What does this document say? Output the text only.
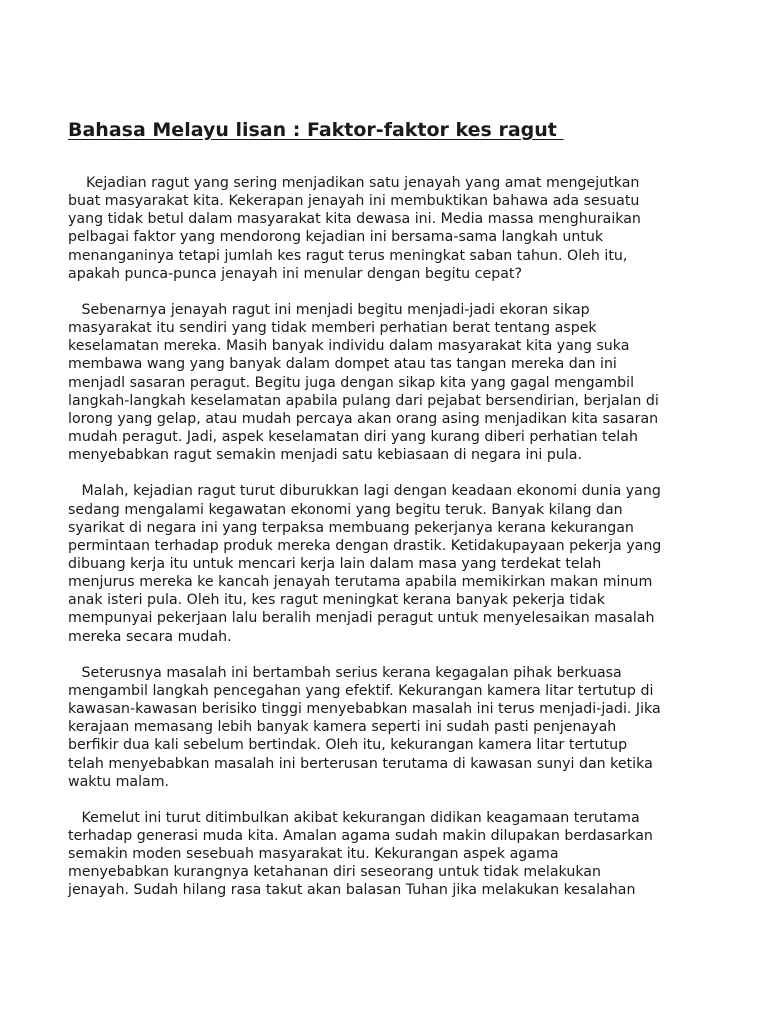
Bahasa Melayu lisan : Faktor-faktor kes ragut

Kejadian ragut yang sering menjadikan satu jenayah yang amat mengejutkan
buat masyarakat kita. Kekerapan jenayah ini membuktikan bahawa ada sesuatu
yang tidak betul dalam masyarakat kita dewasa ini. Media massa menghuraikan
pelbagai faktor yang mendorong kejadian ini bersama-sama langkah untuk
menanganinya tetapi jumlah kes ragut terus meningkat saban tahun. Oleh itu,
apakah punca-punca jenayah ini menular dengan begitu cepat?

Sebenarnya jenayah ragut ini menjadi begitu menjadi-jadi ekoran sikap
masyarakat itu sendiri yang tidak memberi perhatian berat tentang aspek
keselamatan mereka. Masih banyak individu dalam masyarakat kita yang suka
membawa wang yang banyak dalam dompet atau tas tangan mereka dan ini
menjadl sasaran peragut. Begitu juga dengan sikap kita yang gagal mengambil
langkah-langkah keselamatan apabila pulang dari pejabat bersendirian, berjalan di
lorong yang gelap, atau mudah percaya akan orang asing menjadikan kita sasaran
mudah peragut. Jadi, aspek keselamatan diri yang kurang diberi perhatian telah
menyebabkan ragut semakin menjadi satu kebiasaan di negara ini pula.

Malah, kejadian ragut turut diburukkan lagi dengan keadaan ekonomi dunia yang
sedang mengalami kegawatan ekonomi yang begitu teruk. Banyak kilang dan
syarikat di negara ini yang terpaksa membuang pekerjanya kerana kekurangan
permintaan terhadap produk mereka dengan drastik. Ketidakupayaan pekerja yang
dibuang kerja itu untuk mencari kerja lain dalam masa yang terdekat telah
menjurus mereka ke kancah jenayah terutama apabila memikirkan makan minum
anak isteri pula. Oleh itu, kes ragut meningkat kerana banyak pekerja tidak
mempunyai pekerjaan lalu beralih menjadi peragut untuk menyelesaikan masalah
mereka secara mudah.

Seterusnya masalah ini bertambah serius kerana kegagalan pihak berkuasa
mengambil langkah pencegahan yang efektif. Kekurangan kamera litar tertutup di
kawasan-kawasan berisiko tinggi menyebabkan masalah ini terus menjadi-jadi. Jika
kerajaan memasang lebih banyak kamera seperti ini sudah pasti penjenayah
berfikir dua kali sebelum bertindak. Oleh itu, kekurangan kamera litar tertutup
telah menyebabkan masalah ini berterusan terutama di kawasan sunyi dan ketika
waktu malam.

Kemelut ini turut ditimbulkan akibat kekurangan didikan keagamaan terutama
terhadap generasi muda kita. Amalan agama sudah makin dilupakan berdasarkan
semakin moden sesebuah masyarakat itu. Kekurangan aspek agama
menyebabkan kurangnya ketahanan diri seseorang untuk tidak melakukan
jenayah. Sudah hilang rasa takut akan balasan Tuhan jika melakukan kesalahan
